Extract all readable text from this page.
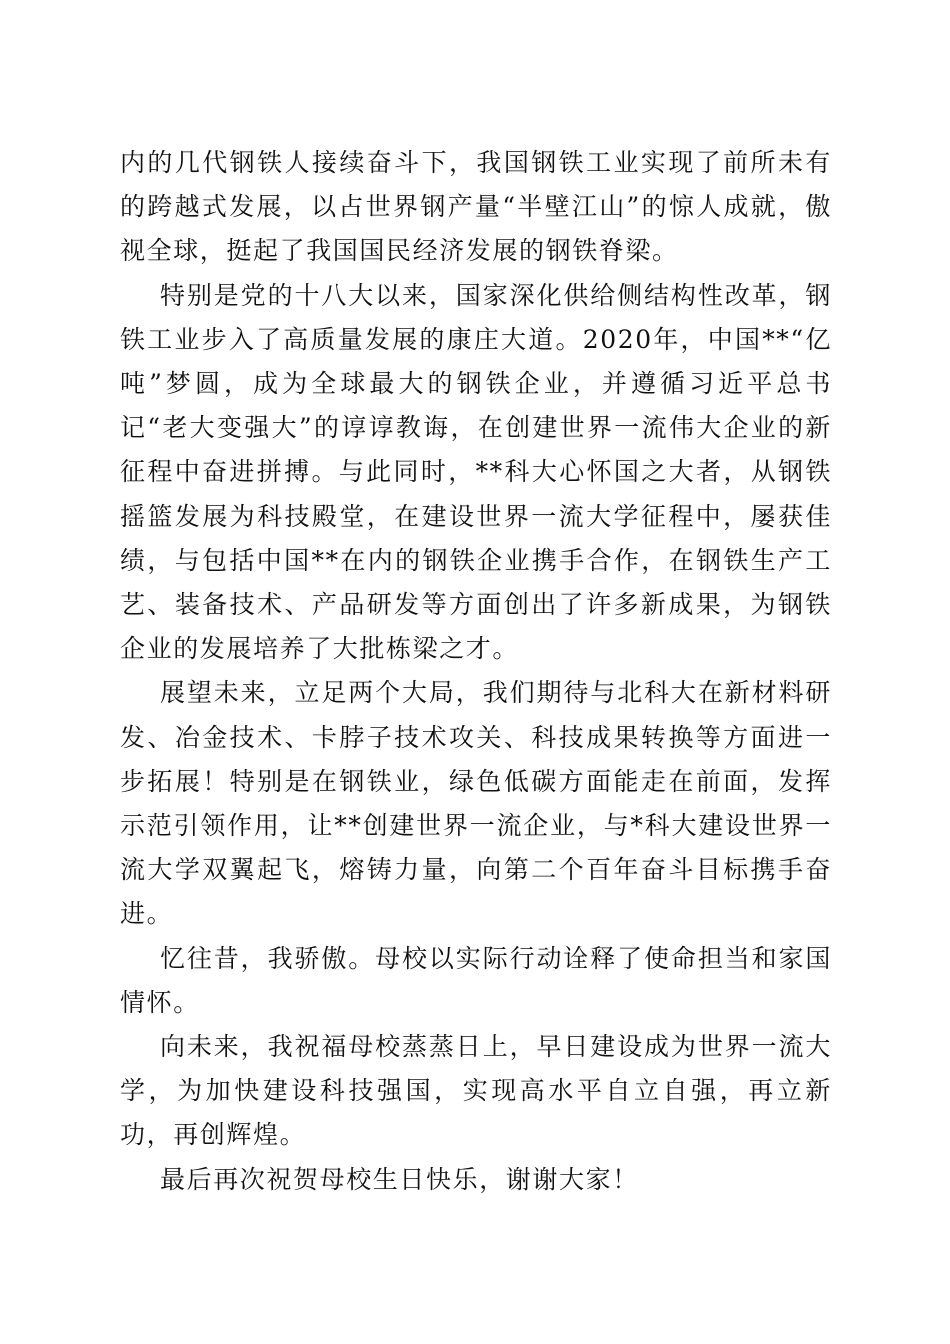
内的几代钢铁人接续奋斗下，我国钢铁工业实现了前所未有的跨越式发展，以占世界钢产量“半壁江山”的惊人成就，傲视全球，挺起了我国国民经济发展的钢铁脊梁。

特别是党的十八大以来，国家深化供给侧结构性改革，钢铁工业步入了高质量发展的康庄大道。2020年，中国**“亿吨”梦圆，成为全球最大的钢铁企业，并遵循习近平总书记“老大变强大”的谆谆教诲，在创建世界一流伟大企业的新征程中奋进拼搏。与此同时，**科大心怀国之大者，从钢铁摇篮发展为科技殿堂，在建设世界一流大学征程中，屡获佳绩，与包括中国**在内的钢铁企业携手合作，在钢铁生产工艺、装备技术、产品研发等方面创出了许多新成果，为钢铁企业的发展培养了大批栋梁之才。

展望未来，立足两个大局，我们期待与北科大在新材料研发、冶金技术、卡脖子技术攻关、科技成果转换等方面进一步拓展！特别是在钢铁业，绿色低碳方面能走在前面，发挥示范引领作用，让**创建世界一流企业，与*科大建设世界一流大学双翼起飞，熔铸力量，向第二个百年奋斗目标携手奋进。

忆往昔，我骄傲。母校以实际行动诠释了使命担当和家国情怀。

向未来，我祝福母校蒸蒸日上，早日建设成为世界一流大学，为加快建设科技强国，实现高水平自立自强，再立新功，再创辉煌。

最后再次祝贺母校生日快乐，谢谢大家！
